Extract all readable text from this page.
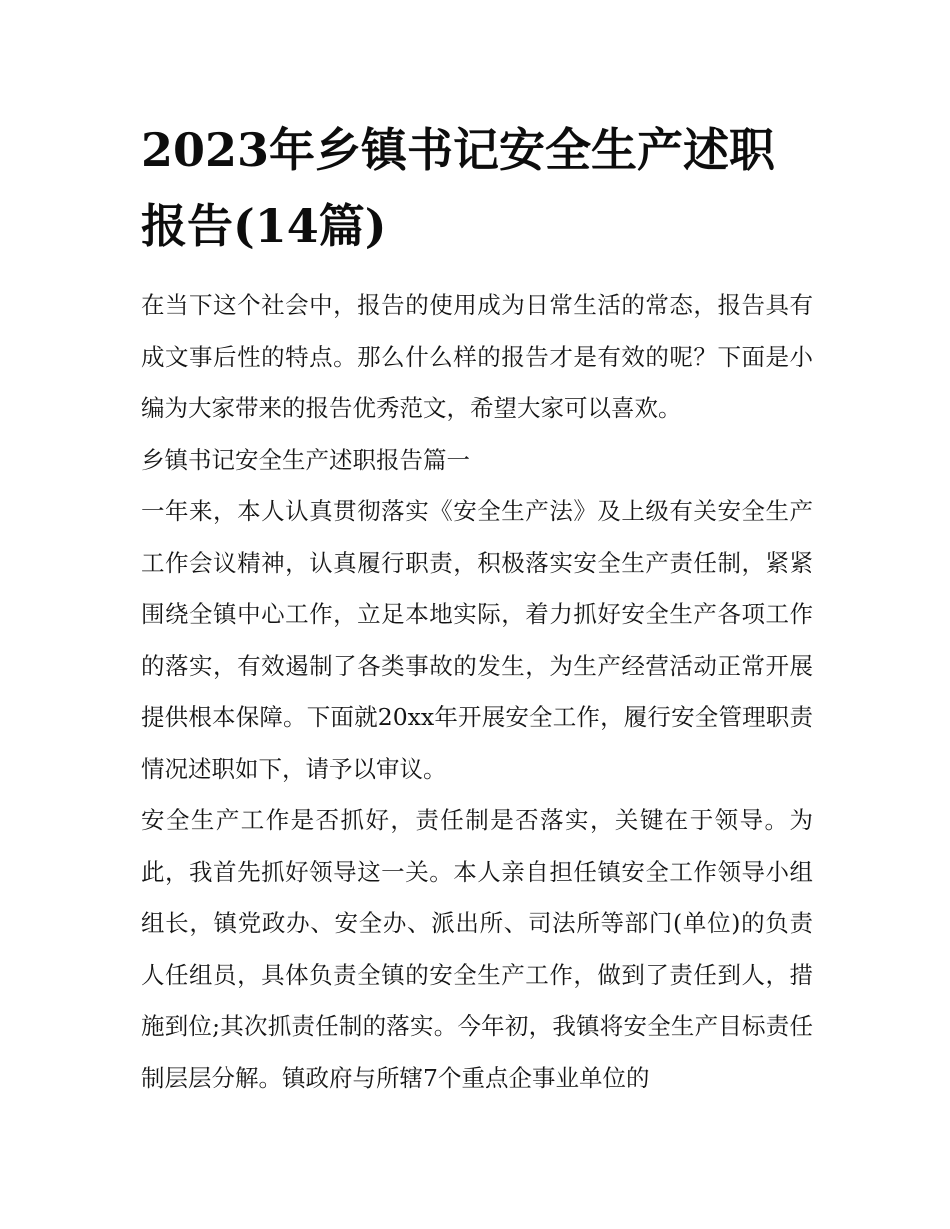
2023年乡镇书记安全生产述职报告(14篇)

在当下这个社会中，报告的使用成为日常生活的常态，报告具有成文事后性的特点。那么什么样的报告才是有效的呢？下面是小编为大家带来的报告优秀范文，希望大家可以喜欢。

乡镇书记安全生产述职报告篇一

一年来，本人认真贯彻落实《安全生产法》及上级有关安全生产工作会议精神，认真履行职责，积极落实安全生产责任制，紧紧围绕全镇中心工作，立足本地实际，着力抓好安全生产各项工作的落实，有效遏制了各类事故的发生，为生产经营活动正常开展提供根本保障。下面就20xx年开展安全工作，履行安全管理职责情况述职如下，请予以审议。

安全生产工作是否抓好，责任制是否落实，关键在于领导。为此，我首先抓好领导这一关。本人亲自担任镇安全工作领导小组组长，镇党政办、安全办、派出所、司法所等部门(单位)的负责人任组员，具体负责全镇的安全生产工作，做到了责任到人，措施到位;其次抓责任制的落实。今年初，我镇将安全生产目标责任制层层分解。镇政府与所辖7个重点企事业单位的
